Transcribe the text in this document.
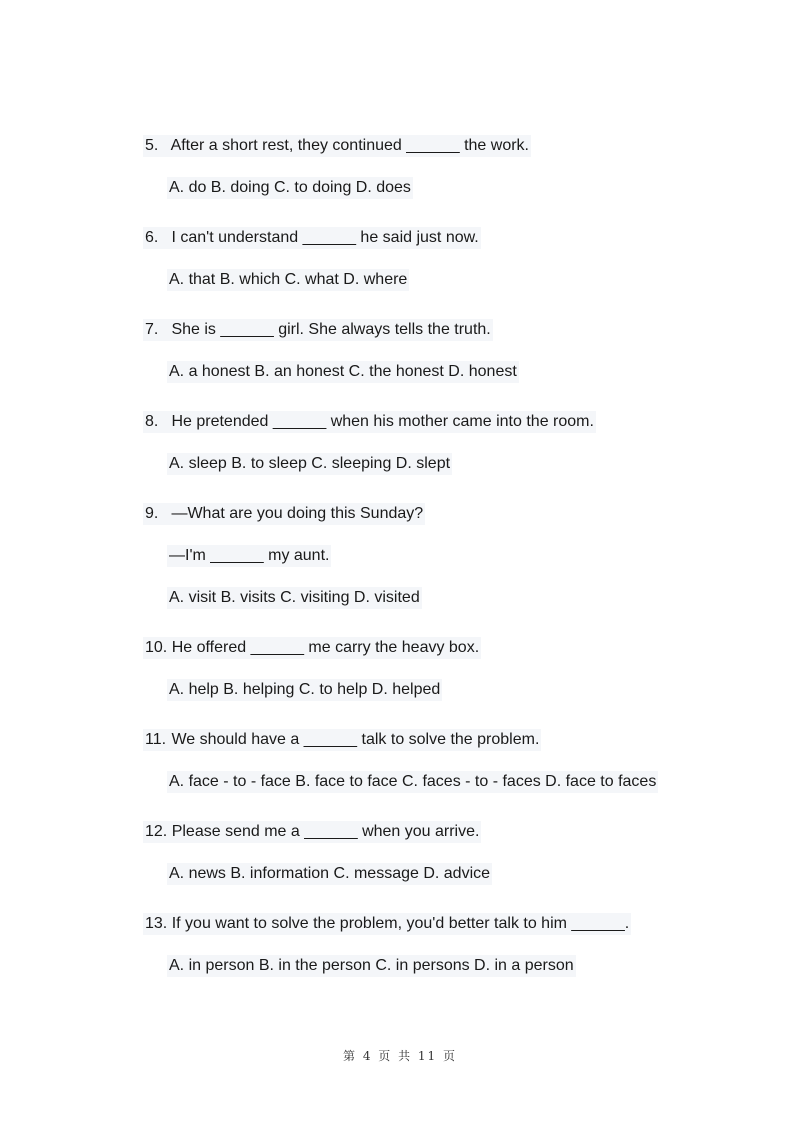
5. After a short rest, they continued ______ the work.
A. do B. doing C. to doing D. does
6. I can't understand ______ he said just now.
A. that B. which C. what D. where
7. She is ______ girl. She always tells the truth.
A. a honest B. an honest C. the honest D. honest
8. He pretended ______ when his mother came into the room.
A. sleep B. to sleep C. sleeping D. slept
9. —What are you doing this Sunday?
—I'm ______ my aunt.
A. visit B. visits C. visiting D. visited
10. He offered ______ me carry the heavy box.
A. help B. helping C. to help D. helped
11. We should have a ______ talk to solve the problem.
A. face - to - face B. face to face C. faces - to - faces D. face to faces
12. Please send me a ______ when you arrive.
A. news B. information C. message D. advice
13. If you want to solve the problem, you'd better talk to him ______.
A. in person B. in the person C. in persons D. in a person
第 4 页 共 11 页
